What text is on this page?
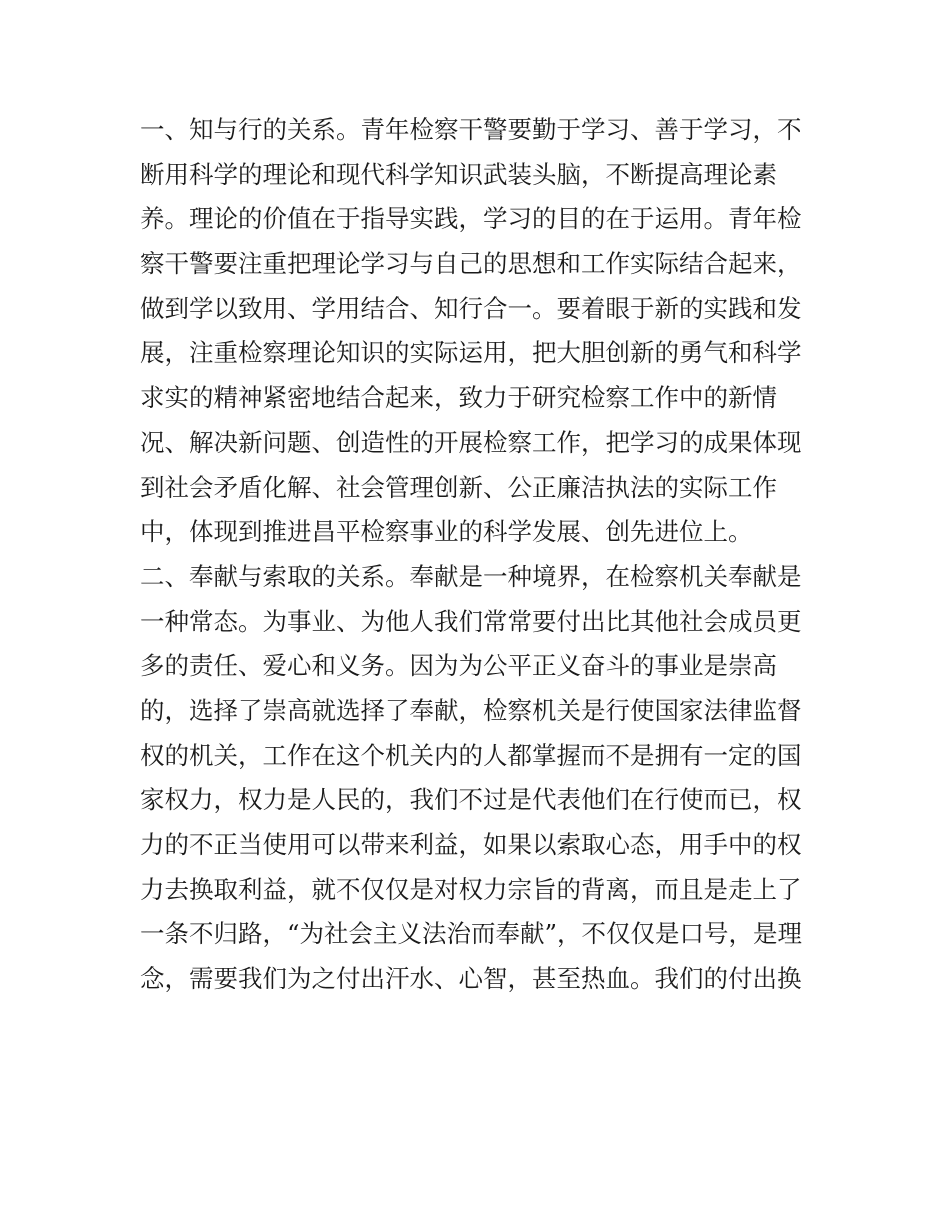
一、知与行的关系。青年检察干警要勤于学习、善于学习，不
断用科学的理论和现代科学知识武装头脑，不断提高理论素
养。理论的价值在于指导实践，学习的目的在于运用。青年检
察干警要注重把理论学习与自己的思想和工作实际结合起来，
做到学以致用、学用结合、知行合一。要着眼于新的实践和发
展，注重检察理论知识的实际运用，把大胆创新的勇气和科学
求实的精神紧密地结合起来，致力于研究检察工作中的新情
况、解决新问题、创造性的开展检察工作，把学习的成果体现
到社会矛盾化解、社会管理创新、公正廉洁执法的实际工作
中，体现到推进昌平检察事业的科学发展、创先进位上。
二、奉献与索取的关系。奉献是一种境界，在检察机关奉献是
一种常态。为事业、为他人我们常常要付出比其他社会成员更
多的责任、爱心和义务。因为为公平正义奋斗的事业是崇高
的，选择了崇高就选择了奉献，检察机关是行使国家法律监督
权的机关，工作在这个机关内的人都掌握而不是拥有一定的国
家权力，权力是人民的，我们不过是代表他们在行使而已，权
力的不正当使用可以带来利益，如果以索取心态，用手中的权
力去换取利益，就不仅仅是对权力宗旨的背离，而且是走上了
一条不归路，“为社会主义法治而奉献”，不仅仅是口号，是理
念，需要我们为之付出汗水、心智，甚至热血。我们的付出换
